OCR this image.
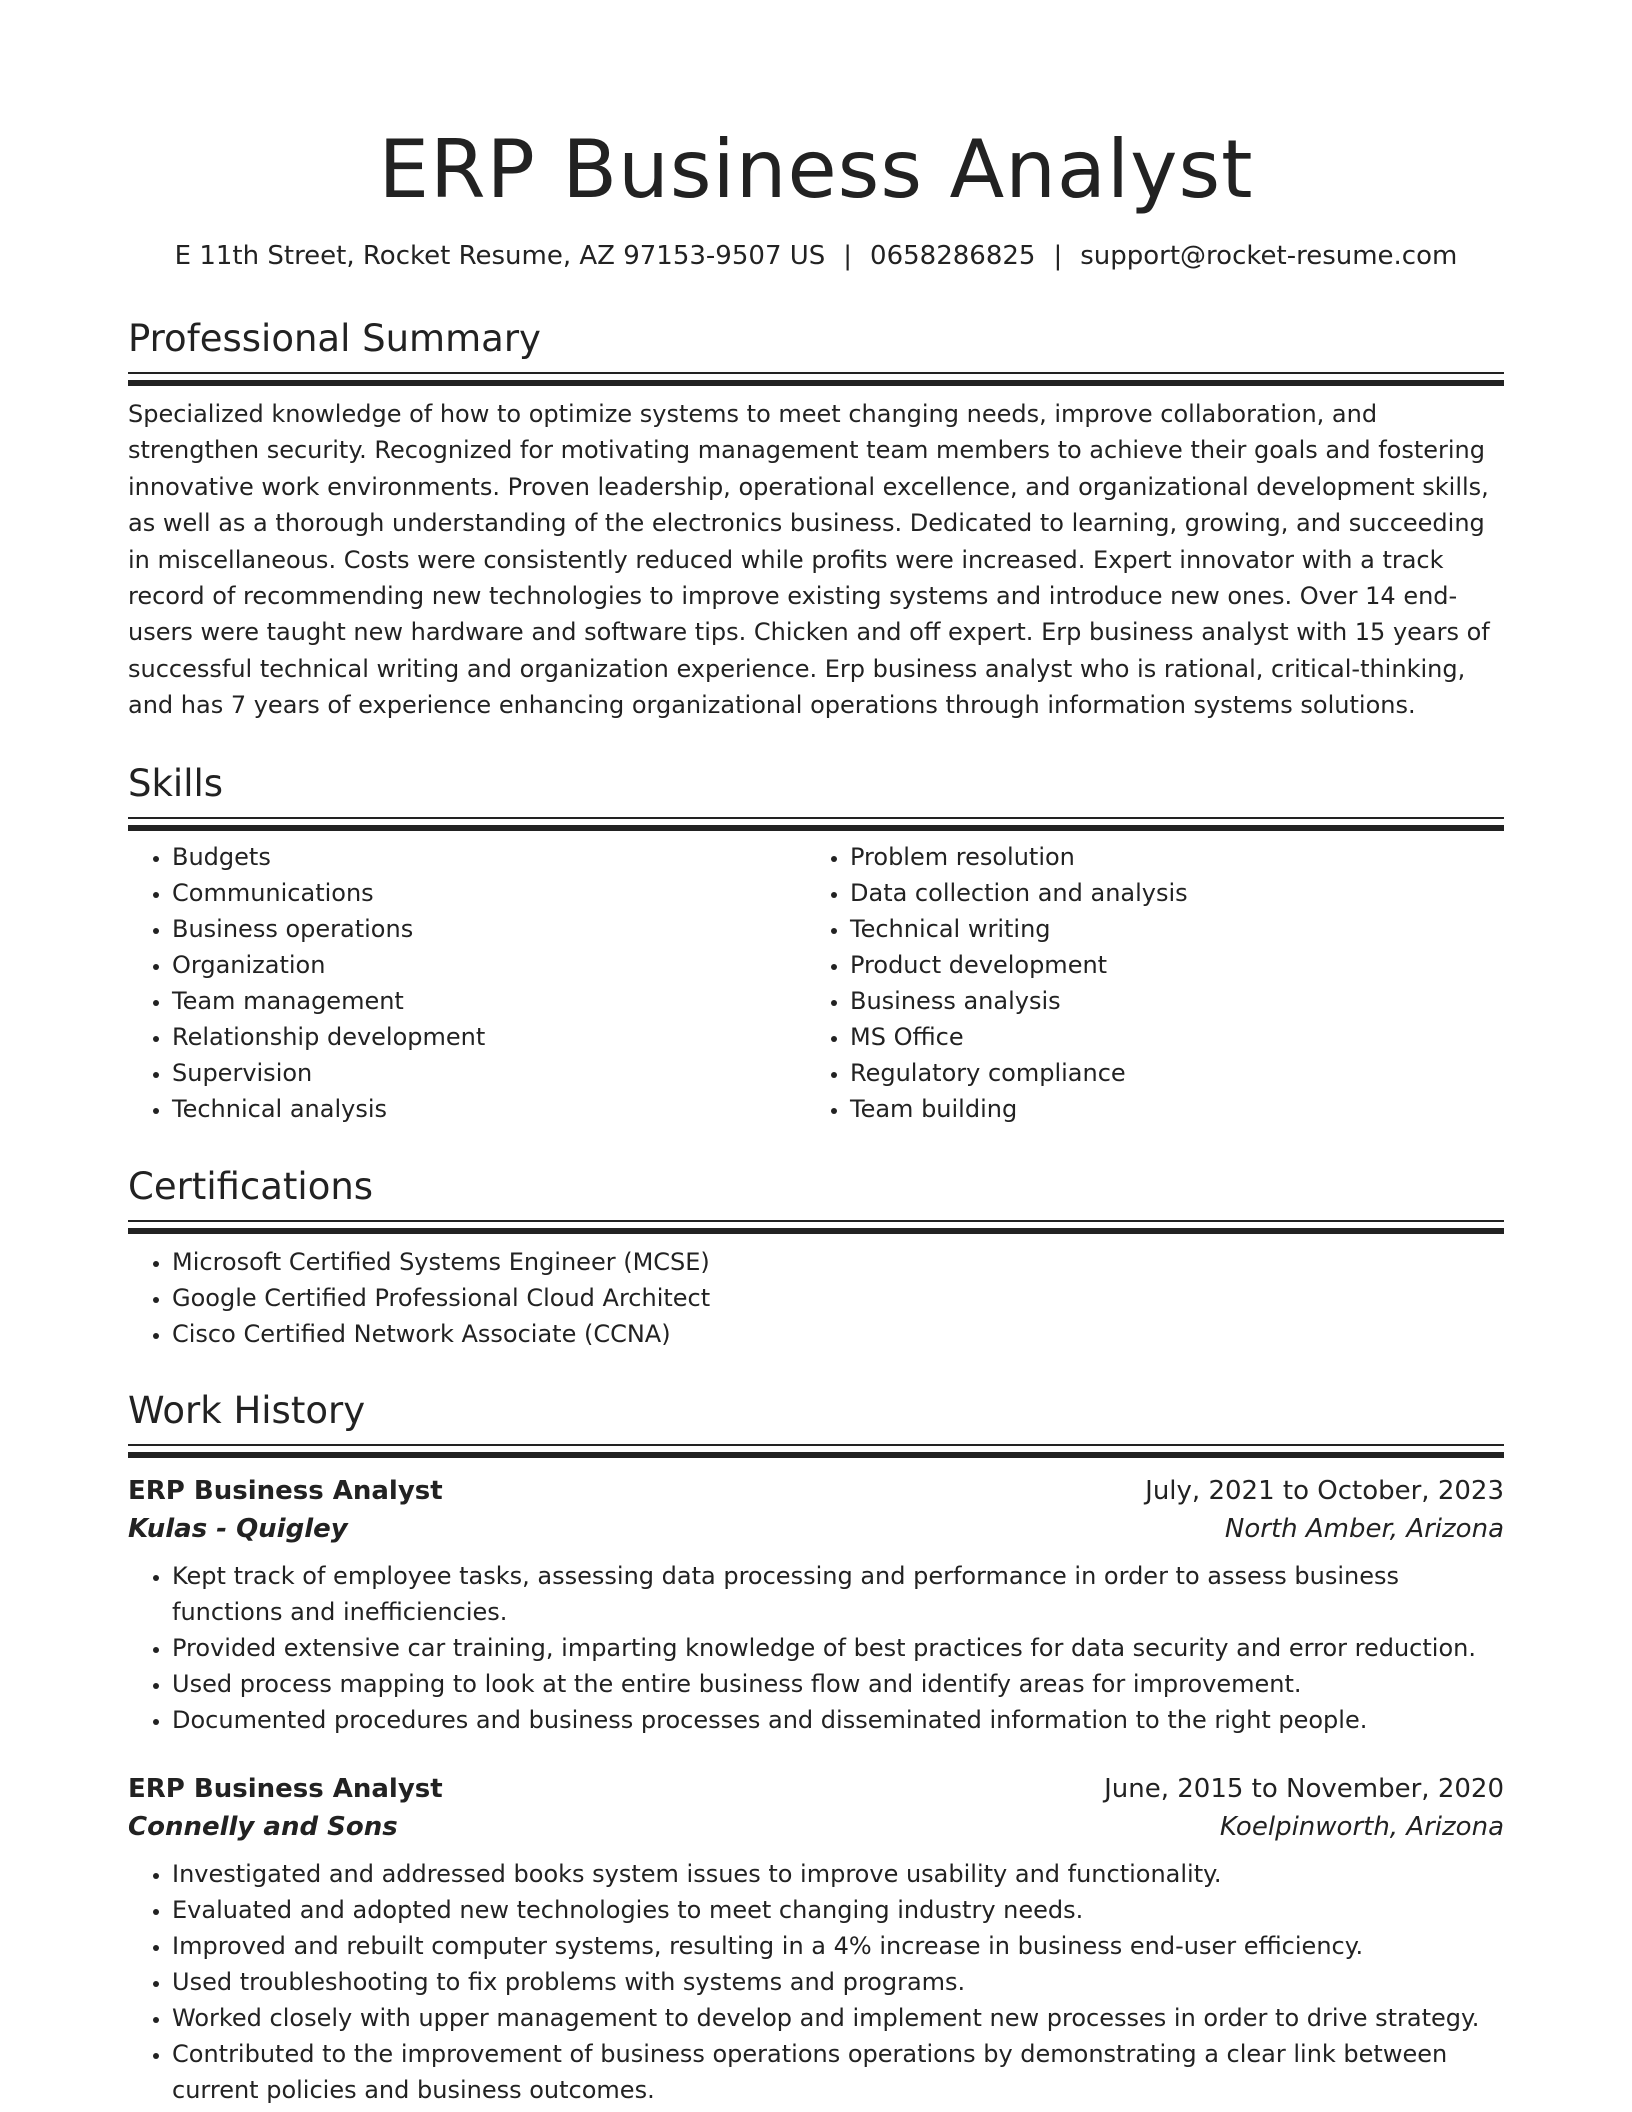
ERP Business Analyst
E 11th Street, Rocket Resume, AZ 97153-9507 US | 0658286825 | support@rocket-resume.com
Professional Summary

Specialized knowledge of how to optimize systems to meet changing needs, improve collaboration, and strengthen security. Recognized for motivating management team members to achieve their goals and fostering innovative work environments. Proven leadership, operational excellence, and organizational development skills, as well as a thorough understanding of the electronics business. Dedicated to learning, growing, and succeeding in miscellaneous. Costs were consistently reduced while profits were increased. Expert innovator with a track record of recommending new technologies to improve existing systems and introduce new ones. Over 14 end-users were taught new hardware and software tips. Chicken and off expert. Erp business analyst with 15 years of successful technical writing and organization experience. Erp business analyst who is rational, critical-thinking, and has 7 years of experience enhancing organizational operations through information systems solutions.

Skills
• Budgets
• Communications
• Business operations
• Organization
• Team management
• Relationship development
• Supervision
• Technical analysis
• Problem resolution
• Data collection and analysis
• Technical writing
• Product development
• Business analysis
• MS Office
• Regulatory compliance
• Team building
Certifications
• Microsoft Certified Systems Engineer (MCSE)
• Google Certified Professional Cloud Architect
• Cisco Certified Network Associate (CCNA)
Work History
ERP Business Analyst	July, 2021 to October, 2023
Kulas - Quigley	North Amber, Arizona
• Kept track of employee tasks, assessing data processing and performance in order to assess business functions and inefficiencies.
• Provided extensive car training, imparting knowledge of best practices for data security and error reduction.
• Used process mapping to look at the entire business flow and identify areas for improvement.
• Documented procedures and business processes and disseminated information to the right people.
ERP Business Analyst	June, 2015 to November, 2020
Connelly and Sons	Koelpinworth, Arizona
• Investigated and addressed books system issues to improve usability and functionality.
• Evaluated and adopted new technologies to meet changing industry needs.
• Improved and rebuilt computer systems, resulting in a 4% increase in business end-user efficiency.
• Used troubleshooting to fix problems with systems and programs.
• Worked closely with upper management to develop and implement new processes in order to drive strategy.
• Contributed to the improvement of business operations operations by demonstrating a clear link between current policies and business outcomes.
